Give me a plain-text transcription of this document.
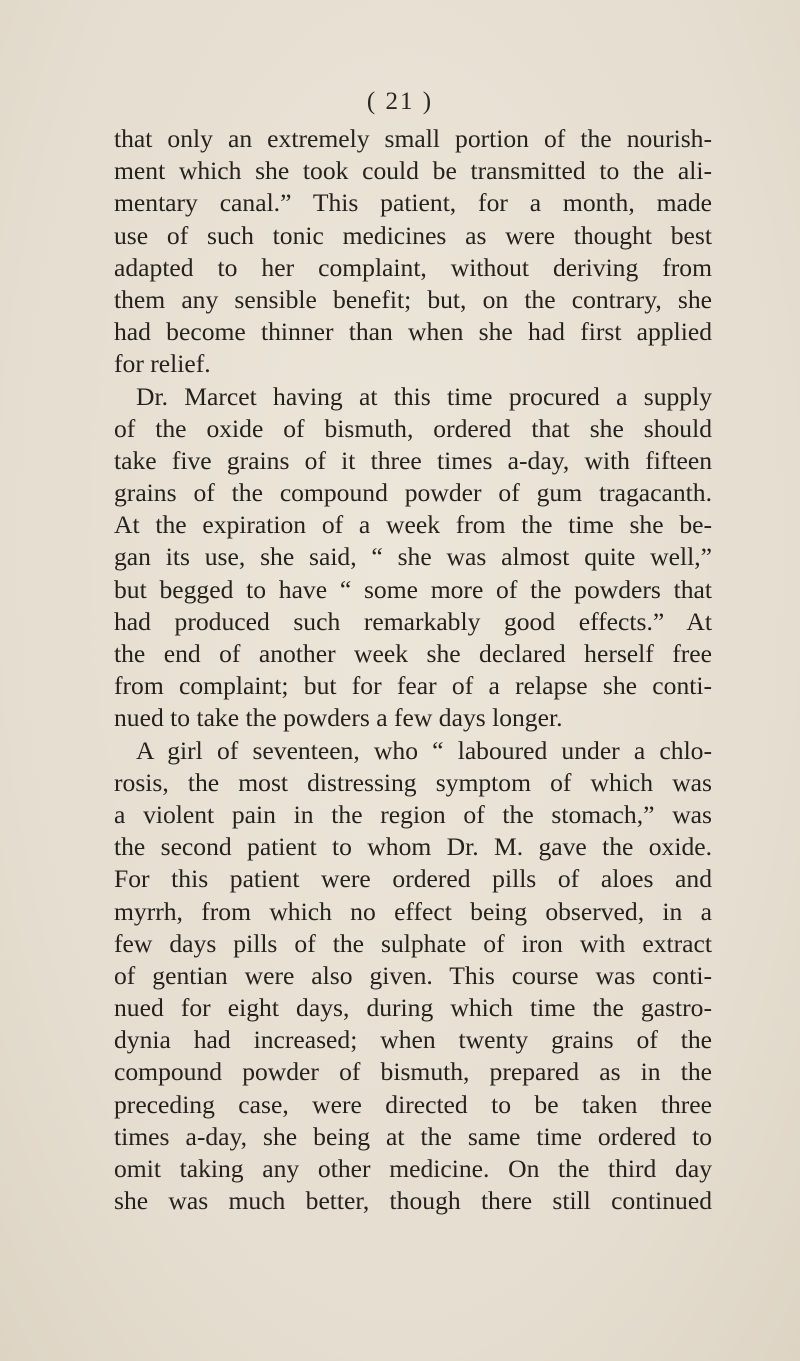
( 21 )
that only an extremely small portion of the nourish-
ment which she took could be transmitted to the ali-
mentary canal.” This patient, for a month, made
use of such tonic medicines as were thought best
adapted to her complaint, without deriving from
them any sensible benefit; but, on the contrary, she
had become thinner than when she had first applied
for relief.
Dr. Marcet having at this time procured a supply
of the oxide of bismuth, ordered that she should
take five grains of it three times a-day, with fifteen
grains of the compound powder of gum tragacanth.
At the expiration of a week from the time she be-
gan its use, she said, “ she was almost quite well,”
but begged to have “ some more of the powders that
had produced such remarkably good effects.” At
the end of another week she declared herself free
from complaint; but for fear of a relapse she conti-
nued to take the powders a few days longer.
A girl of seventeen, who “ laboured under a chlo-
rosis, the most distressing symptom of which was
a violent pain in the region of the stomach,” was
the second patient to whom Dr. M. gave the oxide.
For this patient were ordered pills of aloes and
myrrh, from which no effect being observed, in a
few days pills of the sulphate of iron with extract
of gentian were also given. This course was conti-
nued for eight days, during which time the gastro-
dynia had increased; when twenty grains of the
compound powder of bismuth, prepared as in the
preceding case, were directed to be taken three
times a-day, she being at the same time ordered to
omit taking any other medicine. On the third day
she was much better, though there still continued
